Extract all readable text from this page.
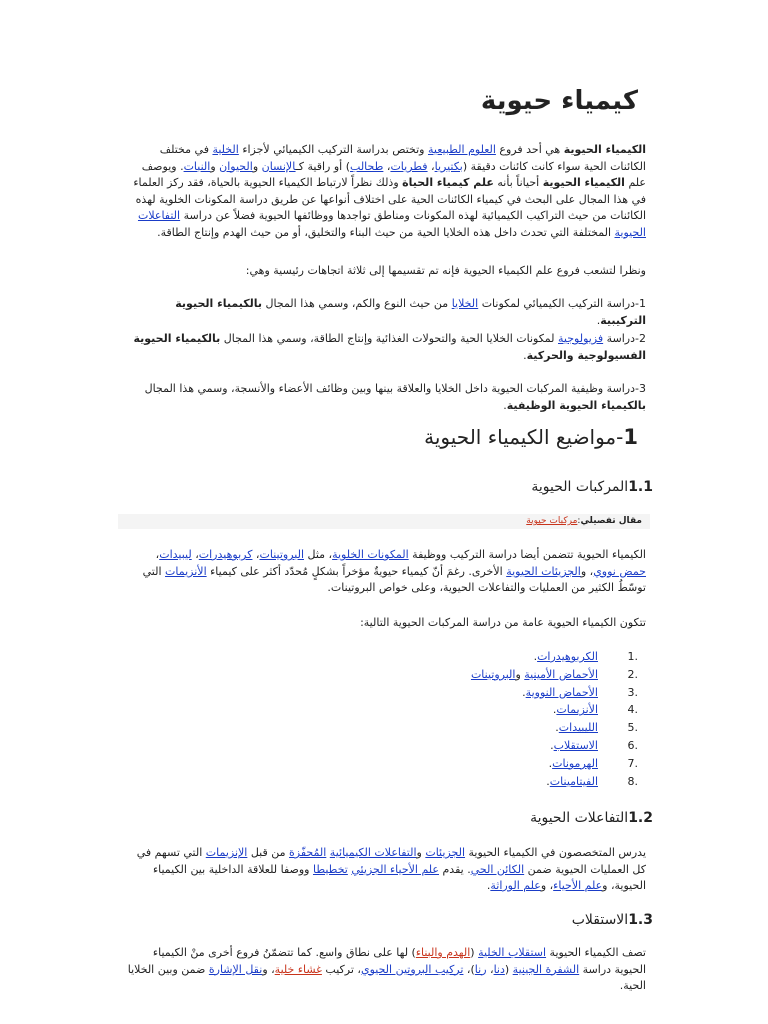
كيمياء حيوية

الكيمياء الحيوية هي أحد فروع العلوم الطبيعية وتختص بدراسة التركيب الكيميائي لأجزاء الخلية في مختلف الكائنات الحية سواء كانت كائنات دقيقة (بكتيريا، فطريات، طحالب) أو راقية كـالإنسان والحيوان والنبات. ويوصف علم الكيمياء الحيوية أحياناً بأنه علم كيمياء الحياة وذلك نظراً لارتباط الكيمياء الحيوية بالحياة، فقد ركز العلماء في هذا المجال على البحث في كيمياء الكائنات الحية على اختلاف أنواعها عن طريق دراسة المكونات الخلوية لهذه الكائنات من حيث التراكيب الكيميائية لهذه المكونات ومناطق تواجدها ووظائفها الحيوية فضلاً عن دراسة التفاعلات الحيوية المختلفة التي تحدث داخل هذه الخلايا الحية من حيث البناء والتخليق، أو من حيث الهدم وإنتاج الطاقة.

ونظرا لتشعب فروع علم الكيمياء الحيوية فإنه تم تقسيمها إلى ثلاثة اتجاهات رئيسية وهي:

1-دراسة التركيب الكيميائي لمكونات الخلايا من حيث النوع والكم، وسمي هذا المجال بالكيمياء الحيوية التركيبية.

2-دراسة فزيولوجية لمكونات الخلايا الحية والتحولات الغذائية وإنتاج الطاقة، وسمي هذا المجال بالكيمياء الحيوية الفسيولوجية والحركية.

3-دراسة وظيفية المركبات الحيوية داخل الخلايا والعلاقة بينها وبين وظائف الأعضاء والأنسجة، وسمي هذا المجال بالكيمياء الحيوية الوظيفية.

1-مواضيع الكيمياء الحيوية
1.1المركبات الحيوية
مقال تفصيلي:مركبات حيوية

الكيمياء الحيوية تتضمن أيضا دراسة التركيب ووظيفة المكونات الخلوية، مثل البروتينات، كربوهيدرات، ليبيدات، حمض نووي، والجزيئات الحيوية الأخرى. رغمَ أنّ كيمياء حيويةٌ مؤخراً بشكلٍ مُحدّد أكثر على كيمياء الأنزيمات التي توسّطُ الكثير من العمليات والتفاعلات الحيوية، وعلى خواص البروتينات.

تتكون الكيمياء الحيوية عامة من دراسة المركبات الحيوية التالية:

1.
الكربوهيدرات.
2.
الأحماض الأمينية والبروتينات
3.
الأحماض النووية.
4.
الأنزيمات.
5.
الليبيدات.
6.
الاستقلاب.
7.
الهرمونات.
8.
الفيتامينات.
1.2التفاعلات الحيوية

يدرس المتخصصون في الكيمياء الحيوية الجزيئات والتفاعلات الكيميائية المُحفّزة من قبل الإنزيمات التي تسهم في كل العمليات الحيوية ضمن الكائن الحي. يقدم علم الأحياء الجزيئي تخطيطا ووصفا للعلاقة الداخلية بين الكيمياء الحيوية، وعلم الأحياء، وعلم الوراثة.

1.3الاستقلاب

تصف الكيمياء الحيوية استقلاب الخلية (الهدم والبناء) لها على نطاق واسع. كما تتضمّنُ فروع أخرى منْ الكيمياء الحيوية دراسة الشفرة الجينية (دنا، رنا)، تركيب البروتين الحيوي، تركيب غشاء خلية، ونقل الإشارة ضمن وبين الخلايا الحية.
